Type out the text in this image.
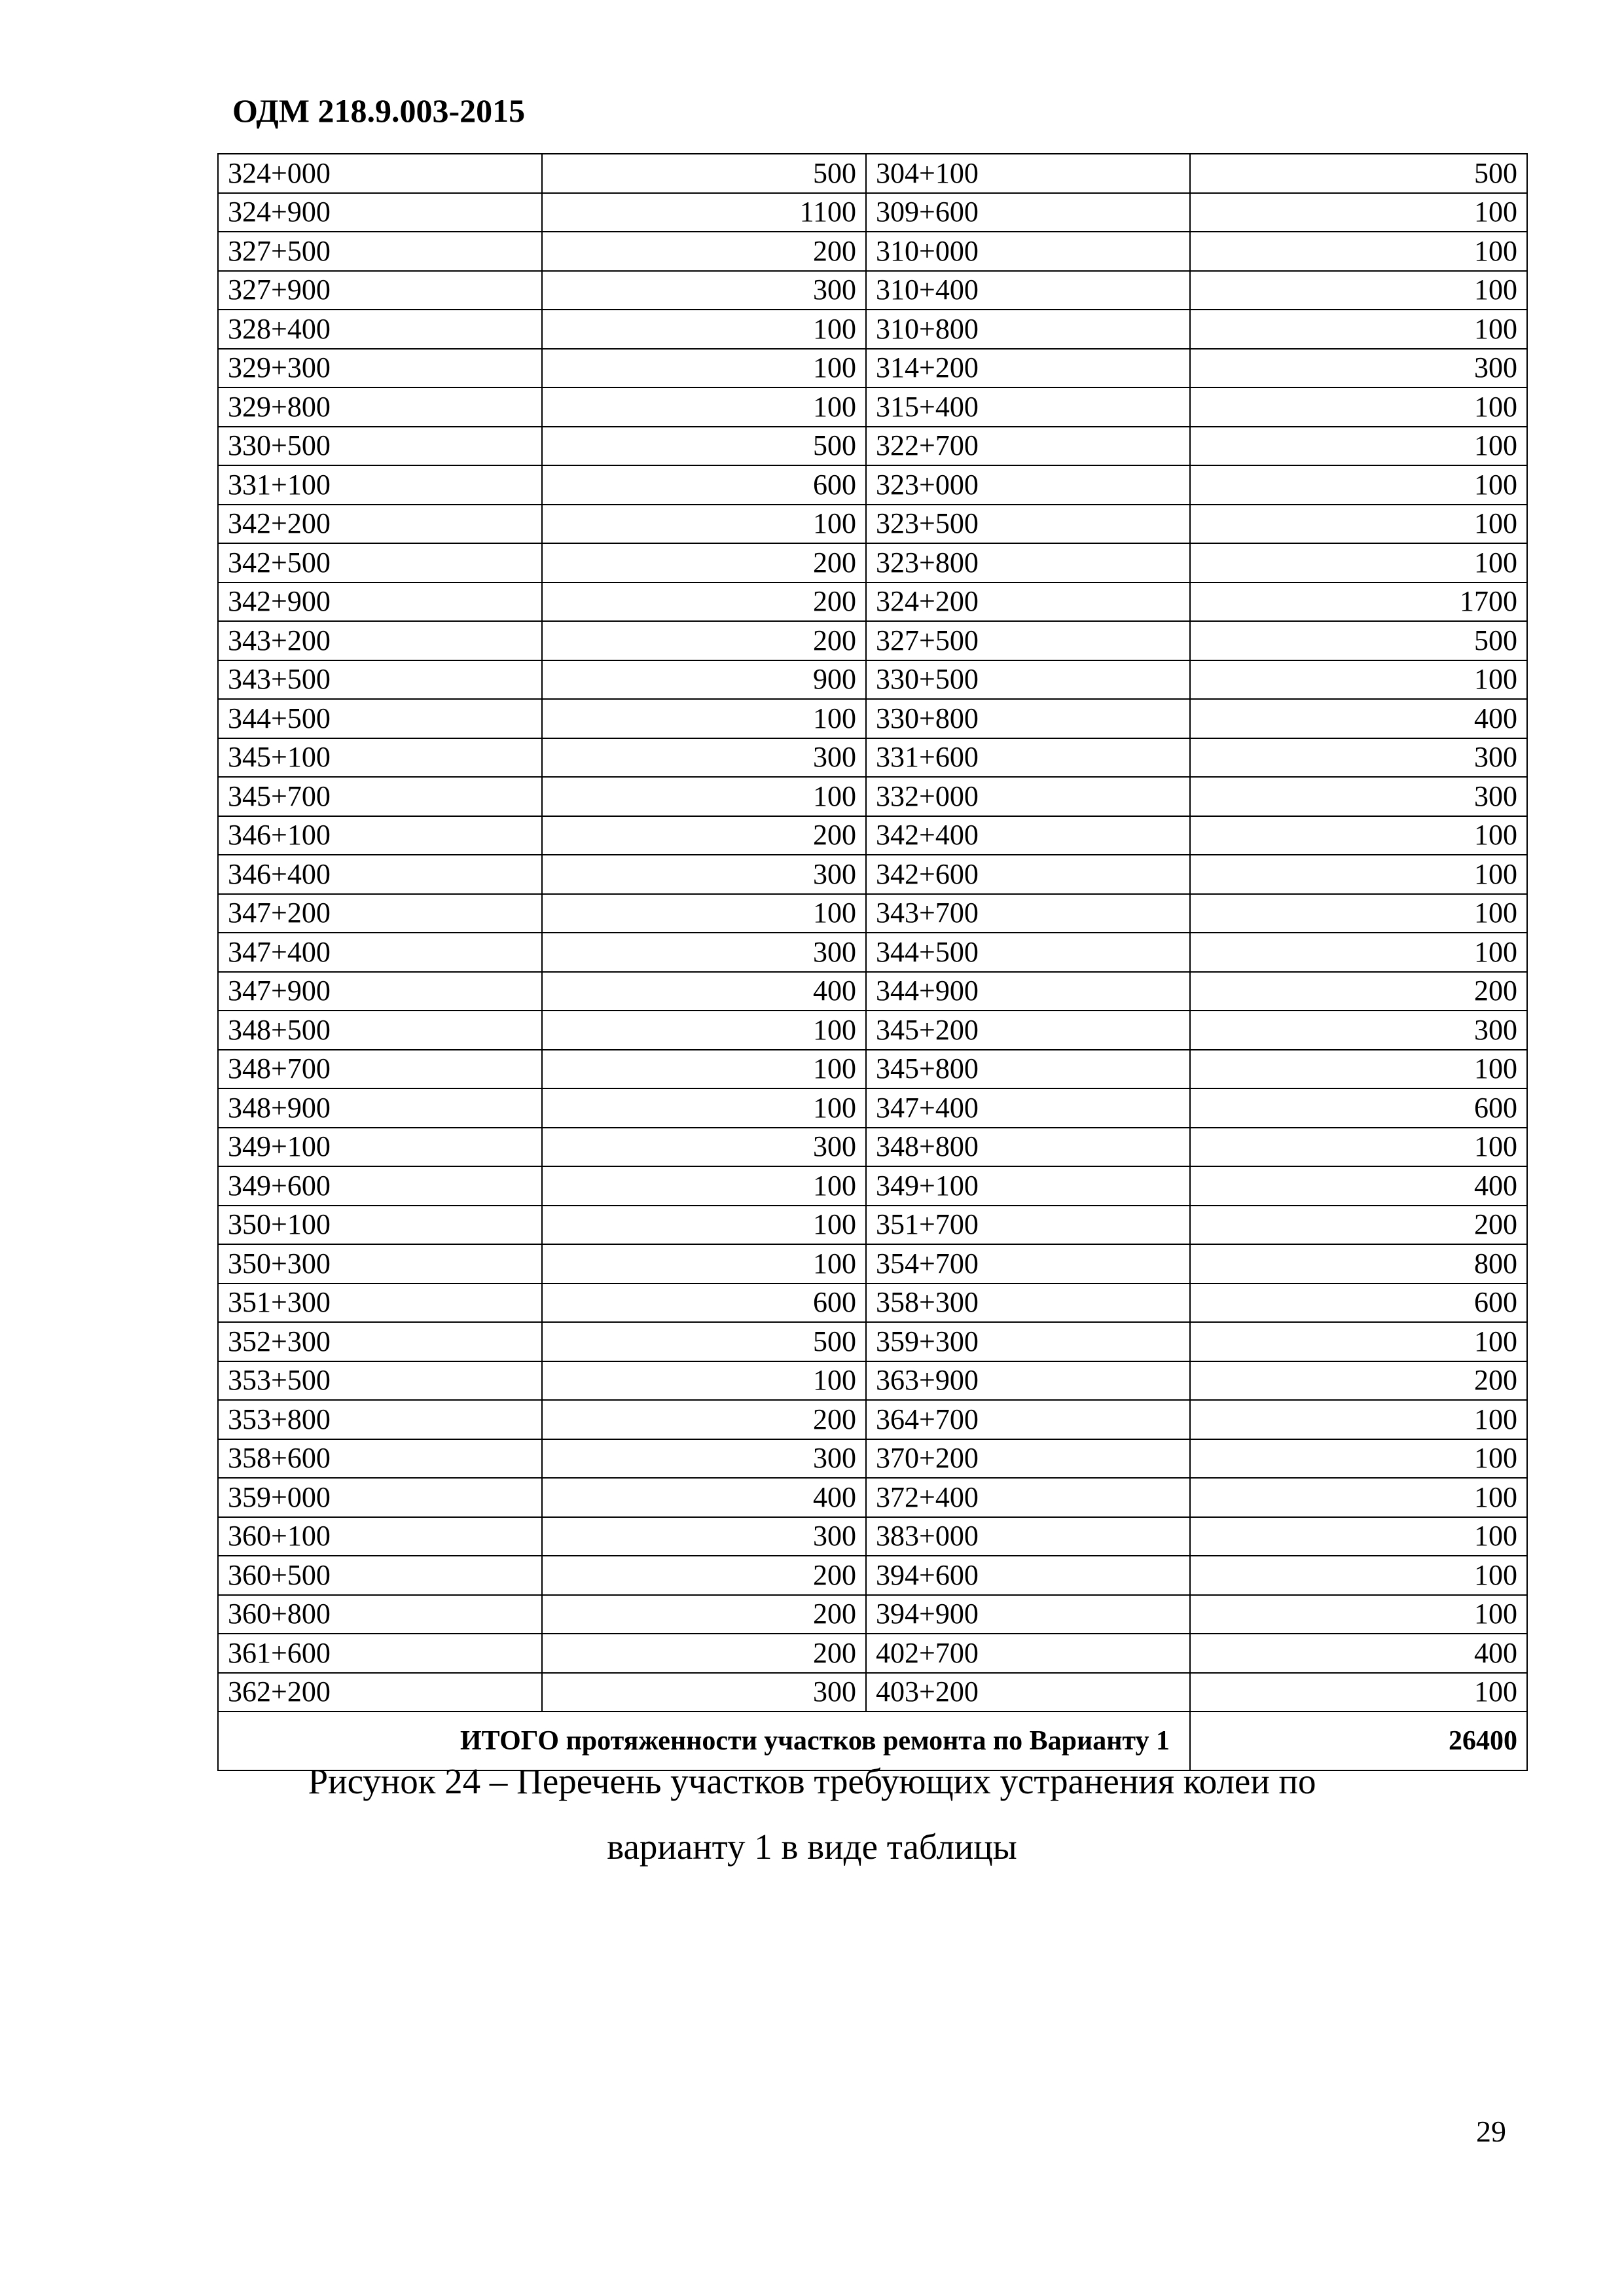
ОДМ 218.9.003-2015
324+000	500	304+100	500
324+900	1100	309+600	100
327+500	200	310+000	100
327+900	300	310+400	100
328+400	100	310+800	100
329+300	100	314+200	300
329+800	100	315+400	100
330+500	500	322+700	100
331+100	600	323+000	100
342+200	100	323+500	100
342+500	200	323+800	100
342+900	200	324+200	1700
343+200	200	327+500	500
343+500	900	330+500	100
344+500	100	330+800	400
345+100	300	331+600	300
345+700	100	332+000	300
346+100	200	342+400	100
346+400	300	342+600	100
347+200	100	343+700	100
347+400	300	344+500	100
347+900	400	344+900	200
348+500	100	345+200	300
348+700	100	345+800	100
348+900	100	347+400	600
349+100	300	348+800	100
349+600	100	349+100	400
350+100	100	351+700	200
350+300	100	354+700	800
351+300	600	358+300	600
352+300	500	359+300	100
353+500	100	363+900	200
353+800	200	364+700	100
358+600	300	370+200	100
359+000	400	372+400	100
360+100	300	383+000	100
360+500	200	394+600	100
360+800	200	394+900	100
361+600	200	402+700	400
362+200	300	403+200	100
ИТОГО протяженности участков ремонта по Варианту 1			26400
Рисунок 24 – Перечень участков требующих устранения колеи по
варианту 1 в виде таблицы
29
